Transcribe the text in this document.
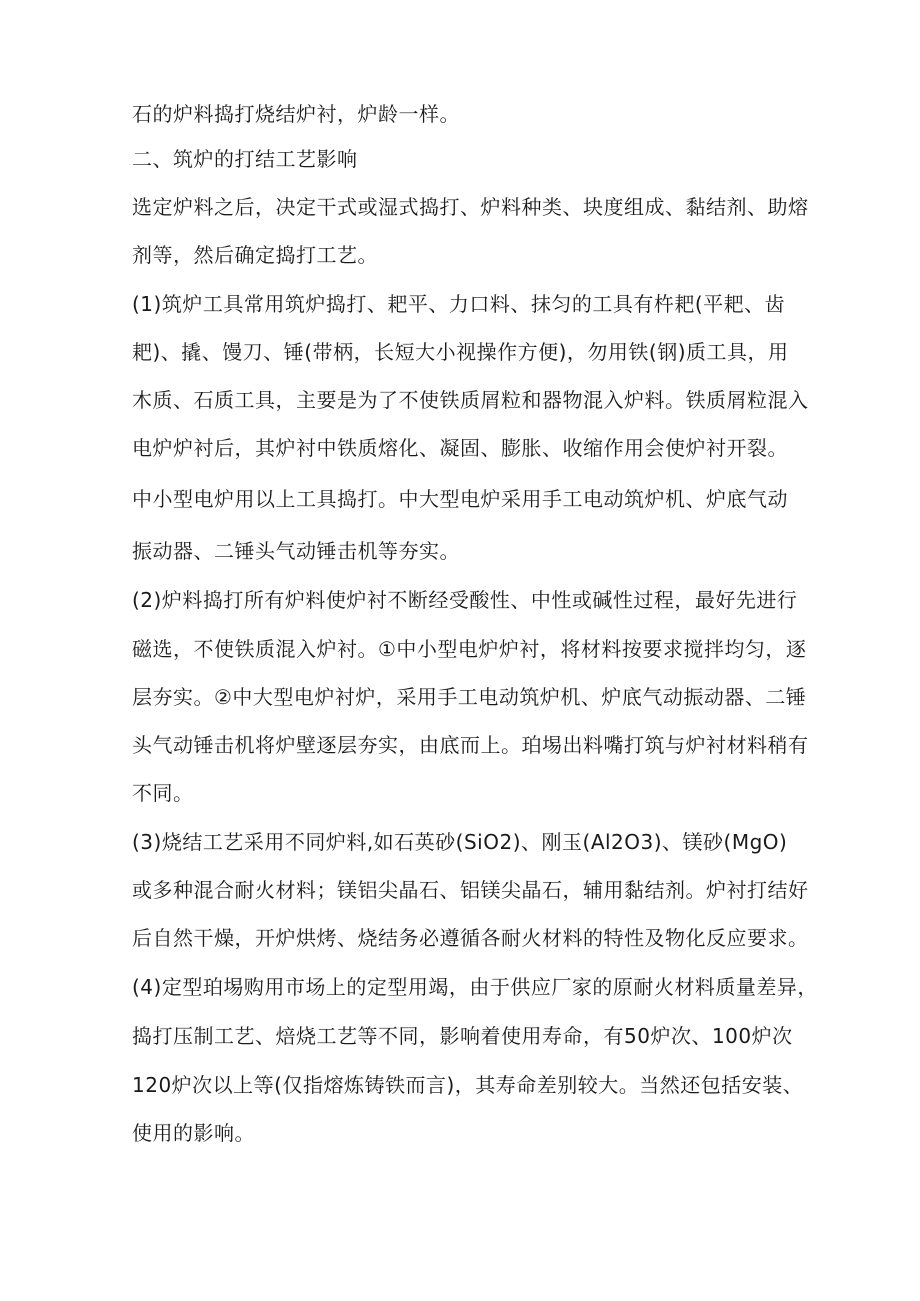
石的炉料捣打烧结炉衬，炉龄一样。
二、筑炉的打结工艺影响
选定炉料之后，决定干式或湿式捣打、炉料种类、块度组成、黏结剂、助熔
剂等，然后确定捣打工艺。
(1)筑炉工具常用筑炉捣打、耙平、力口料、抹匀的工具有杵耙(平耙、齿
耙)、撬、馒刀、锤(带柄，长短大小视操作方便)，勿用铁(钢)质工具，用
木质、石质工具，主要是为了不使铁质屑粒和器物混入炉料。铁质屑粒混入
电炉炉衬后，其炉衬中铁质熔化、凝固、膨胀、收缩作用会使炉衬开裂。
中小型电炉用以上工具捣打。中大型电炉采用手工电动筑炉机、炉底气动
振动器、二锤头气动锤击机等夯实。
(2)炉料捣打所有炉料使炉衬不断经受酸性、中性或碱性过程，最好先进行
磁选，不使铁质混入炉衬。①中小型电炉炉衬，将材料按要求搅拌均匀，逐
层夯实。②中大型电炉衬炉，采用手工电动筑炉机、炉底气动振动器、二锤
头气动锤击机将炉壁逐层夯实，由底而上。珀埸出料嘴打筑与炉衬材料稍有
不同。
(3)烧结工艺采用不同炉料,如石英砂(SiO2)、刚玉(Al2O3)、镁砂(MgO)
或多种混合耐火材料；镁铝尖晶石、铝镁尖晶石，辅用黏结剂。炉衬打结好
后自然干燥，开炉烘烤、烧结务必遵循各耐火材料的特性及物化反应要求。
(4)定型珀埸购用市场上的定型用竭，由于供应厂家的原耐火材料质量差异，
捣打压制工艺、焙烧工艺等不同，影响着使用寿命，有50炉次、100炉次
120炉次以上等(仅指熔炼铸铁而言)，其寿命差别较大。当然还包括安装、
使用的影响。
